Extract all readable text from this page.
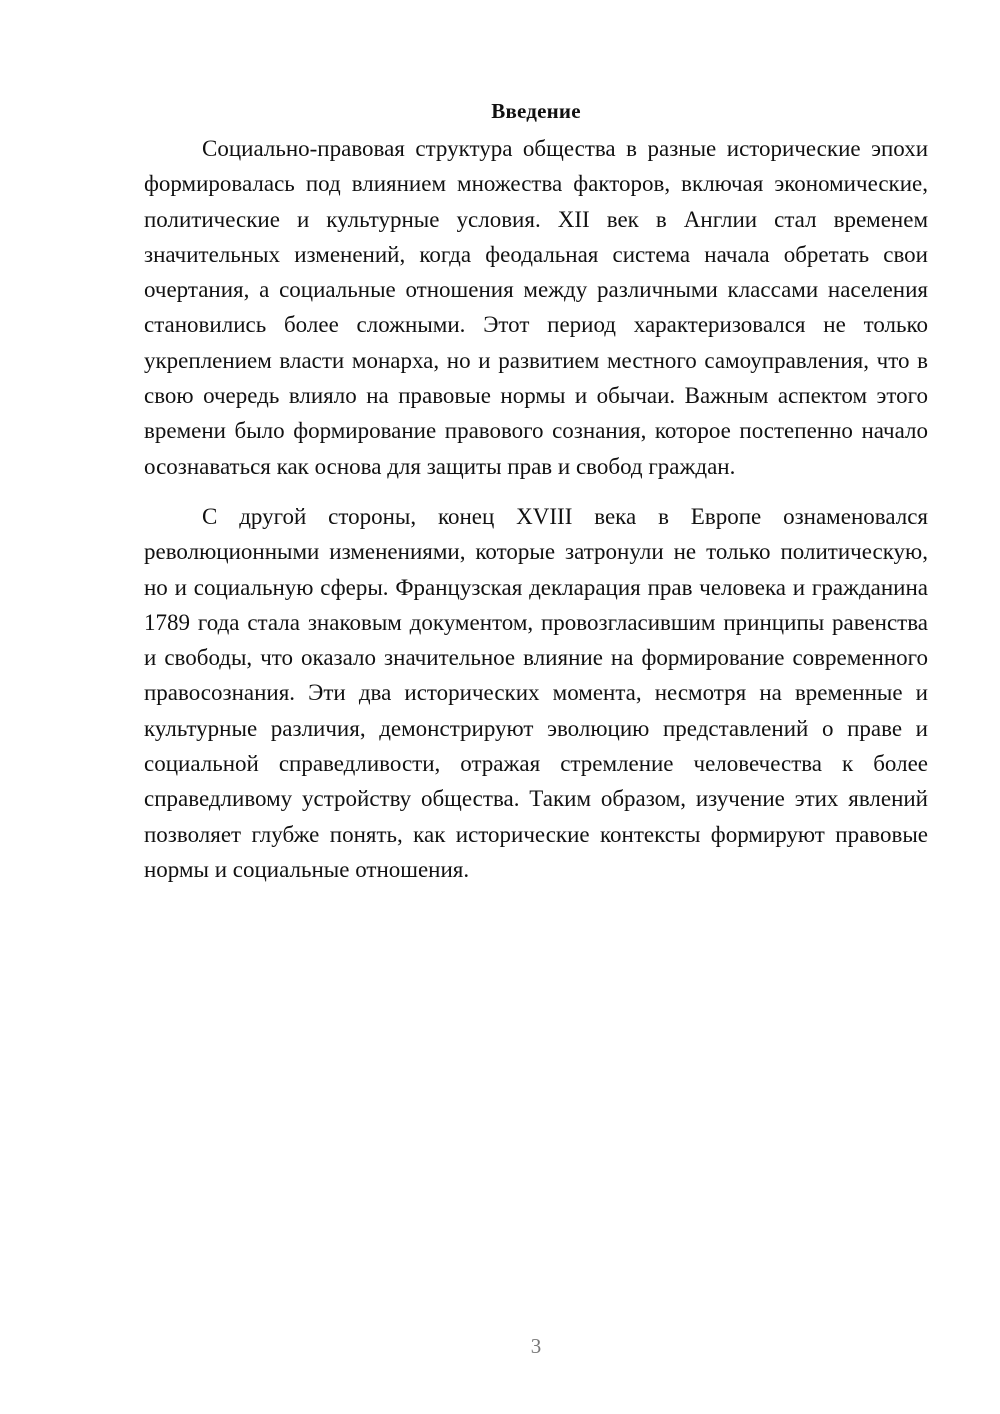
Введение

Социально-правовая структура общества в разные исторические эпохи формировалась под влиянием множества факторов, включая экономические, политические и культурные условия. XII век в Англии стал временем значительных изменений, когда феодальная система начала обретать свои очертания, а социальные отношения между различными классами населения становились более сложными. Этот период характеризовался не только укреплением власти монарха, но и развитием местного самоуправления, что в свою очередь влияло на правовые нормы и обычаи. Важным аспектом этого времени было формирование правового сознания, которое постепенно начало осознаваться как основа для защиты прав и свобод граждан.

С другой стороны, конец XVIII века в Европе ознаменовался революционными изменениями, которые затронули не только политическую, но и социальную сферы. Французская декларация прав человека и гражданина 1789 года стала знаковым документом, провозгласившим принципы равенства и свободы, что оказало значительное влияние на формирование современного правосознания. Эти два исторических момента, несмотря на временные и культурные различия, демонстрируют эволюцию представлений о праве и социальной справедливости, отражая стремление человечества к более справедливому устройству общества. Таким образом, изучение этих явлений позволяет глубже понять, как исторические контексты формируют правовые нормы и социальные отношения.

3
